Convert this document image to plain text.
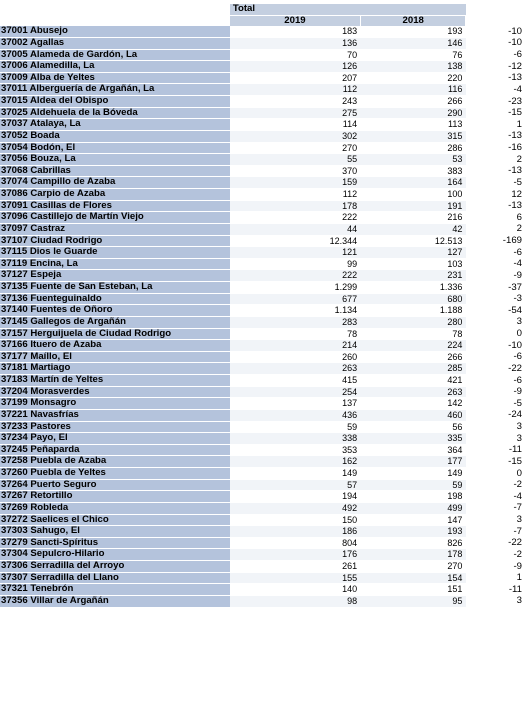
	Total		
	2019	2018	
37001 Abusejo	183	193	-10
37002 Agallas	136	146	-10
37005 Alameda de Gardón, La	70	76	-6
37006 Alamedilla, La	126	138	-12
37009 Alba de Yeltes	207	220	-13
37011 Alberguería de Argañán, La	112	116	-4
37015 Aldea del Obispo	243	266	-23
37025 Aldehuela de la Bóveda	275	290	-15
37037 Atalaya, La	114	113	1
37052 Boada	302	315	-13
37054 Bodón, El	270	286	-16
37056 Bouza, La	55	53	2
37068 Cabrillas	370	383	-13
37074 Campillo de Azaba	159	164	-5
37086 Carpio de Azaba	112	100	12
37091 Casillas de Flores	178	191	-13
37096 Castillejo de Martín Viejo	222	216	6
37097 Castraz	44	42	2
37107 Ciudad Rodrigo	12.344	12.513	-169
37115 Dios le Guarde	121	127	-6
37119 Encina, La	99	103	-4
37127 Espeja	222	231	-9
37135 Fuente de San Esteban, La	1.299	1.336	-37
37136 Fuenteguinaldo	677	680	-3
37140 Fuentes de Oñoro	1.134	1.188	-54
37145 Gallegos de Argañán	283	280	3
37157 Herguijuela de Ciudad Rodrigo	78	78	0
37166 Ituero de Azaba	214	224	-10
37177 Maíllo, El	260	266	-6
37181 Martiago	263	285	-22
37183 Martín de Yeltes	415	421	-6
37204 Morasverdes	254	263	-9
37199 Monsagro	137	142	-5
37221 Navasfrías	436	460	-24
37233 Pastores	59	56	3
37234 Payo, El	338	335	3
37245 Peñaparda	353	364	-11
37258 Puebla de Azaba	162	177	-15
37260 Puebla de Yeltes	149	149	0
37264 Puerto Seguro	57	59	-2
37267 Retortillo	194	198	-4
37269 Robleda	492	499	-7
37272 Saelices el Chico	150	147	3
37303 Sahugo, El	186	193	-7
37279 Sancti-Spíritus	804	826	-22
37304 Sepulcro-Hilario	176	178	-2
37306 Serradilla del Arroyo	261	270	-9
37307 Serradilla del Llano	155	154	1
37321 Tenebrón	140	151	-11
37356 Villar de Argañán	98	95	3
